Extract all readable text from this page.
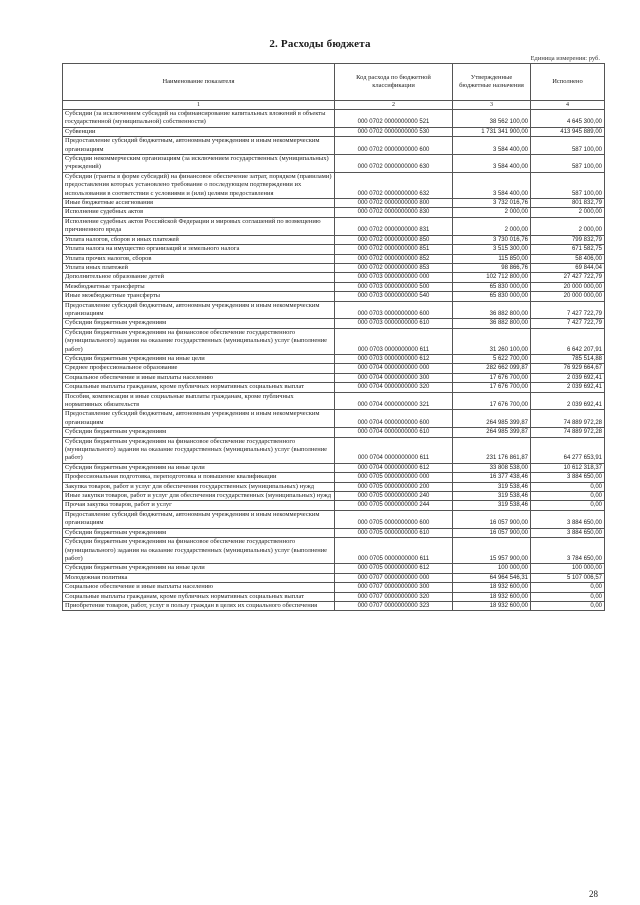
2. Расходы бюджета
Единица измерения: руб.
Наименование показателя	Код расхода по бюджетной классификации	Утвержденные бюджетные назначения	Исполнено
1	2	3	4
Субсидии (за исключением субсидий на софинансирование капитальных вложений в объекты государственной (муниципальной) собственности)	000 0702 0000000000 521	38 562 100,00	4 645 300,00
Субвенции	000 0702 0000000000 530	1 731 341 900,00	413 945 889,00
Предоставление субсидий бюджетным, автономным учреждениям и иным некоммерческим организациям	000 0702 0000000000 600	3 584 400,00	587 100,00
Субсидии некоммерческим организациям (за исключением государственных (муниципальных) учреждений)	000 0702 0000000000 630	3 584 400,00	587 100,00
Субсидии (гранты в форме субсидий) на финансовое обеспечение затрат, порядком (правилами) предоставления которых установлено требование о последующем подтверждении их использования в соответствии с условиями и (или) целями предоставления	000 0702 0000000000 632	3 584 400,00	587 100,00
Иные бюджетные ассигнования	000 0702 0000000000 800	3 732 016,76	801 832,79
Исполнение судебных актов	000 0702 0000000000 830	2 000,00	2 000,00
Исполнение судебных актов Российской Федерации и мировых соглашений по возмещению причиненного вреда	000 0702 0000000000 831	2 000,00	2 000,00
Уплата налогов, сборов и иных платежей	000 0702 0000000000 850	3 730 016,76	799 832,79
Уплата налога на имущество организаций и земельного налога	000 0702 0000000000 851	3 515 300,00	671 582,75
Уплата прочих налогов, сборов	000 0702 0000000000 852	115 850,00	58 406,00
Уплата иных платежей	000 0702 0000000000 853	98 866,76	69 844,04
Дополнительное образование детей	000 0703 0000000000 000	102 712 800,00	27 427 722,79
Межбюджетные трансферты	000 0703 0000000000 500	65 830 000,00	20 000 000,00
Иные межбюджетные трансферты	000 0703 0000000000 540	65 830 000,00	20 000 000,00
Предоставление субсидий бюджетным, автономным учреждениям и иным некоммерческим организациям	000 0703 0000000000 600	36 882 800,00	7 427 722,79
Субсидии бюджетным учреждениям	000 0703 0000000000 610	36 882 800,00	7 427 722,79
Субсидии бюджетным учреждениям на финансовое обеспечение государственного (муниципального) задания на оказание государственных (муниципальных) услуг (выполнение работ)	000 0703 0000000000 611	31 260 100,00	6 642 207,91
Субсидии бюджетным учреждениям на иные цели	000 0703 0000000000 612	5 622 700,00	785 514,88
Среднее профессиональное образование	000 0704 0000000000 000	282 662 099,87	76 929 664,67
Социальное обеспечение и иные выплаты населению	000 0704 0000000000 300	17 676 700,00	2 039 692,41
Социальные выплаты гражданам, кроме публичных нормативных социальных выплат	000 0704 0000000000 320	17 676 700,00	2 039 692,41
Пособия, компенсации и иные социальные выплаты гражданам, кроме публичных нормативных обязательств	000 0704 0000000000 321	17 676 700,00	2 039 692,41
Предоставление субсидий бюджетным, автономным учреждениям и иным некоммерческим организациям	000 0704 0000000000 600	264 985 399,87	74 889 972,28
Субсидии бюджетным учреждениям	000 0704 0000000000 610	264 985 399,87	74 889 972,28
Субсидии бюджетным учреждениям на финансовое обеспечение государственного (муниципального) задания на оказание государственных (муниципальных) услуг (выполнение работ)	000 0704 0000000000 611	231 176 861,87	64 277 653,91
Субсидии бюджетным учреждениям на иные цели	000 0704 0000000000 612	33 808 538,00	10 612 318,37
Профессиональная подготовка, переподготовка и повышение квалификации	000 0705 0000000000 000	16 377 438,46	3 884 650,00
Закупка товаров, работ и услуг для обеспечения государственных (муниципальных) нужд	000 0705 0000000000 200	319 538,46	0,00
Иные закупки товаров, работ и услуг для обеспечения государственных (муниципальных) нужд	000 0705 0000000000 240	319 538,46	0,00
Прочая закупка товаров, работ и услуг	000 0705 0000000000 244	319 538,46	0,00
Предоставление субсидий бюджетным, автономным учреждениям и иным некоммерческим организациям	000 0705 0000000000 600	16 057 900,00	3 884 650,00
Субсидии бюджетным учреждениям	000 0705 0000000000 610	16 057 900,00	3 884 650,00
Субсидии бюджетным учреждениям на финансовое обеспечение государственного (муниципального) задания на оказание государственных (муниципальных) услуг (выполнение работ)	000 0705 0000000000 611	15 957 900,00	3 784 650,00
Субсидии бюджетным учреждениям на иные цели	000 0705 0000000000 612	100 000,00	100 000,00
Молодежная политика	000 0707 0000000000 000	64 964 546,31	5 107 006,57
Социальное обеспечение и иные выплаты населению	000 0707 0000000000 300	18 932 600,00	0,00
Социальные выплаты гражданам, кроме публичных нормативных социальных выплат	000 0707 0000000000 320	18 932 600,00	0,00
Приобретение товаров, работ, услуг в пользу граждан в целях их социального обеспечения	000 0707 0000000000 323	18 932 600,00	0,00
28
